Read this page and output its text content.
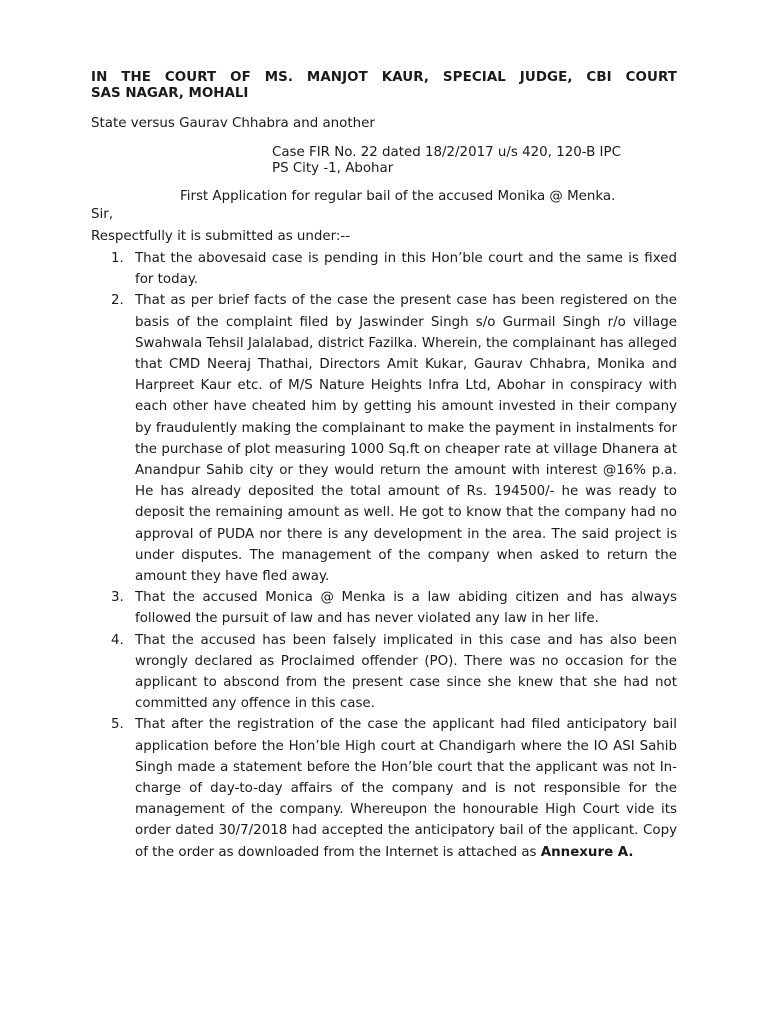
IN THE COURT OF MS. MANJOT KAUR, SPECIAL JUDGE, CBI COURT

SAS NAGAR, MOHALI

State versus Gaurav Chhabra and another
Case FIR No. 22 dated 18/2/2017 u/s 420, 120-B IPC
PS City -1, Abohar
First Application for regular bail of the accused Monika @ Menka.
Sir,
Respectfully it is submitted as under:--
1. That the abovesaid case is pending in this Hon’ble court and the same is fixed for today.
2. That as per brief facts of the case the present case has been registered on the basis of the complaint filed by Jaswinder Singh s/o Gurmail Singh r/o village Swahwala Tehsil Jalalabad, district Fazilka. Wherein, the complainant has alleged that CMD Neeraj Thathai, Directors Amit Kukar, Gaurav Chhabra, Monika and Harpreet Kaur etc. of M/S Nature Heights Infra Ltd, Abohar in conspiracy with each other have cheated him by getting his amount invested in their company by fraudulently making the complainant to make the payment in instalments for the purchase of plot measuring 1000 Sq.ft on cheaper rate at village Dhanera at Anandpur Sahib city or they would return the amount with interest @16% p.a. He has already deposited the total amount of Rs. 194500/- he was ready to deposit the remaining amount as well. He got to know that the company had no approval of PUDA nor there is any development in the area. The said project is under disputes. The management of the company when asked to return the amount they have fled away.
3. That the accused Monica @ Menka is a law abiding citizen and has always followed the pursuit of law and has never violated any law in her life.
4. That the accused has been falsely implicated in this case and has also been wrongly declared as Proclaimed offender (PO). There was no occasion for the applicant to abscond from the present case since she knew that she had not committed any offence in this case.
5. That after the registration of the case the applicant had filed anticipatory bail application before the Hon’ble High court at Chandigarh where the IO ASI Sahib Singh made a statement before the Hon’ble court that the applicant was not In-charge of day-to-day affairs of the company and is not responsible for the management of the company. Whereupon the honourable High Court vide its order dated 30/7/2018 had accepted the anticipatory bail of the applicant. Copy of the order as downloaded from the Internet is attached as Annexure A.
